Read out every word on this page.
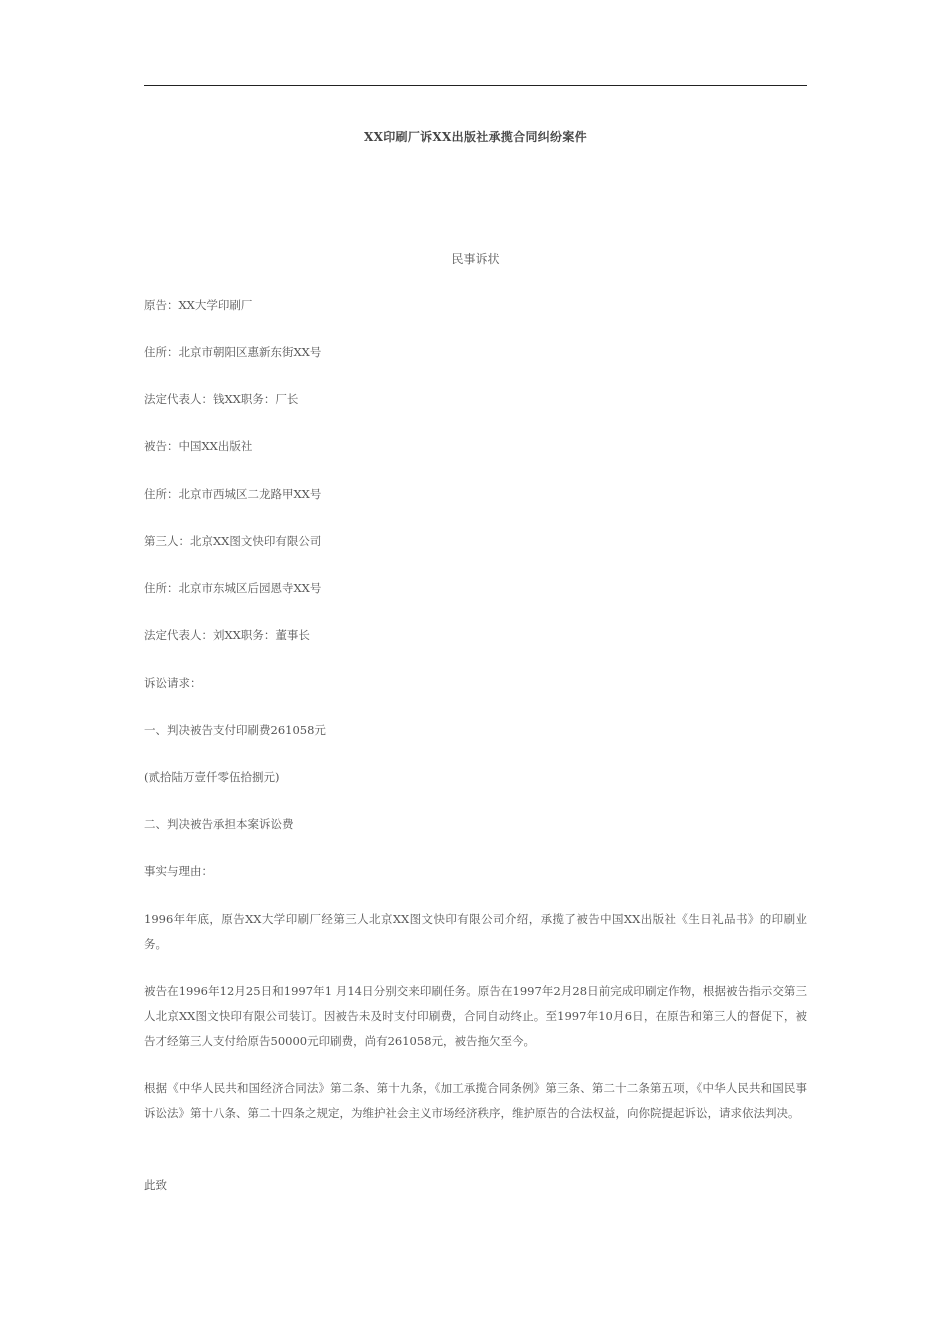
XX印刷厂诉XX出版社承揽合同纠纷案件
民事诉状

原告：XX大学印刷厂

住所：北京市朝阳区惠新东街XX号

法定代表人：钱XX职务：厂长

被告：中国XX出版社

住所：北京市西城区二龙路甲XX号

第三人：北京XX图文快印有限公司

住所：北京市东城区后园恩寺XX号

法定代表人：刘XX职务：董事长

诉讼请求：

一、判决被告支付印刷费261058元

(贰拾陆万壹仟零伍拾捌元)

二、判决被告承担本案诉讼费

事实与理由：

1996年年底，原告XX大学印刷厂经第三人北京XX图文快印有限公司介绍，承揽了被告中国XX出版社《生日礼品书》的印刷业务。

被告在1996年12月25日和1997年1 月14日分别交来印刷任务。原告在1997年2月28日前完成印刷定作物，根据被告指示交第三人北京XX图文快印有限公司装订。因被告未及时支付印刷费，合同自动终止。至1997年10月6日，在原告和第三人的督促下，被告才经第三人支付给原告50000元印刷费，尚有261058元，被告拖欠至今。

根据《中华人民共和国经济合同法》第二条、第十九条，《加工承揽合同条例》第三条、第二十二条第五项，《中华人民共和国民事诉讼法》第十八条、第二十四条之规定，为维护社会主义市场经济秩序，维护原告的合法权益，向你院提起诉讼，请求依法判决。

此致
